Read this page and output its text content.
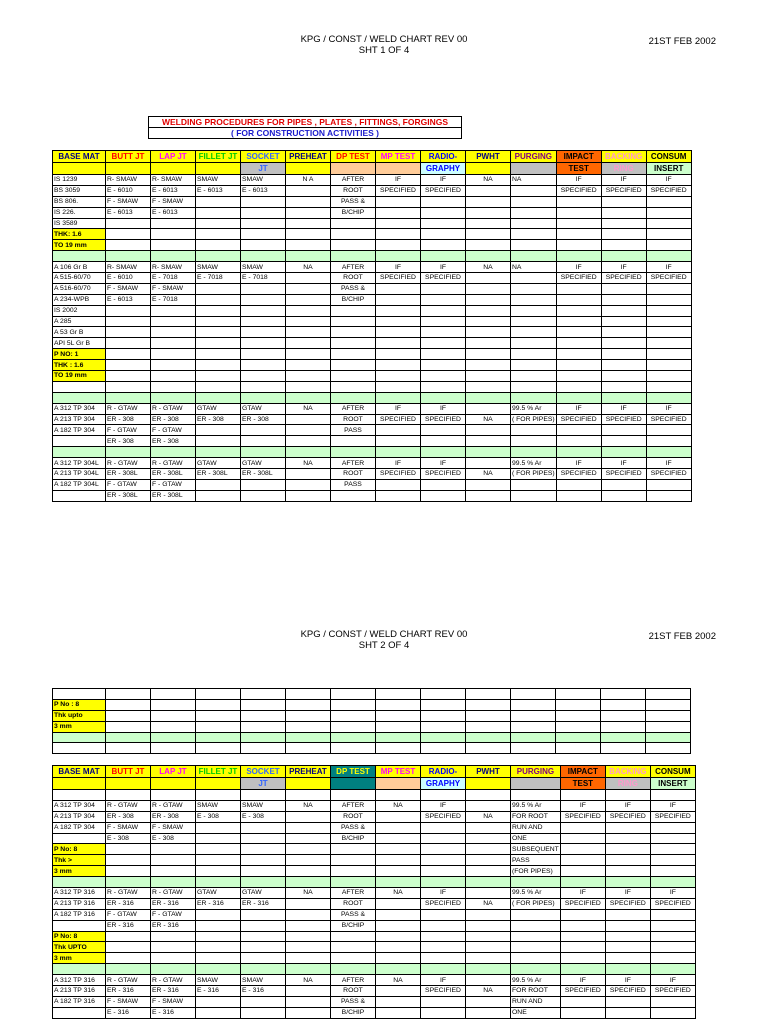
KPG / CONST / WELD CHART REV 00
SHT 1 OF 4
21ST FEB 2002
WELDING PROCEDURES FOR PIPES , PLATES , FITTINGS, FORGINGS
( FOR CONSTRUCTION ACTIVITIES )
BASE MAT	BUTT JT	LAP JT	FILLET JT	SOCKET	PREHEAT	DP TEST	MP TEST	RADIO-	PWHT	PURGING	IMPACT	BACKING	CONSUM
				JT				GRAPHY			TEST	RING	INSERT
IS 1239	R- SMAW	R- SMAW	SMAW	SMAW	N A	AFTER	IF	IF	NA	NA	IF	IF	IF
BS 3059	E - 6010	E - 6013	E - 6013	E - 6013		ROOT	SPECIFIED	SPECIFIED			SPECIFIED	SPECIFIED	SPECIFIED
BS 806.	F - SMAW	F - SMAW				PASS &							
IS 226.	E - 6013	E - 6013				B/CHIP							
IS 3589													
THK: 1.6													
TO 19 mm													

A 106 Gr B	R- SMAW	R- SMAW	SMAW	SMAW	NA	AFTER	IF	IF	NA	NA	IF	IF	IF
A 515-60/70	E - 6010	E - 7018	E - 7018	E - 7018		ROOT	SPECIFIED	SPECIFIED			SPECIFIED	SPECIFIED	SPECIFIED
A 516-60/70	F - SMAW	F - SMAW				PASS &							
A 234-WPB	E - 6013	E - 7018				B/CHIP							
IS 2002													
A 285													
A 53 Gr B													
API 5L Gr B													
P NO: 1													
THK : 1.6													
TO 19 mm													

A 312 TP 304	R - GTAW	R - GTAW	GTAW	GTAW	NA	AFTER	IF	IF		99.5 % Ar	IF	IF	IF
A 213 TP 304	ER - 308	ER - 308	ER - 308	ER - 308		ROOT	SPECIFIED	SPECIFIED	NA	( FOR PIPES)	SPECIFIED	SPECIFIED	SPECIFIED
A 182 TP 304	F - GTAW	F - GTAW				PASS							
	ER - 308	ER - 308											

A 312 TP 304L	R - GTAW	R - GTAW	GTAW	GTAW	NA	AFTER	IF	IF		99.5 % Ar	IF	IF	IF
A 213 TP 304L	ER - 308L	ER - 308L	ER - 308L	ER - 308L		ROOT	SPECIFIED	SPECIFIED	NA	( FOR PIPES)	SPECIFIED	SPECIFIED	SPECIFIED
A 182 TP 304L	F - GTAW	F - GTAW				PASS							
	ER - 308L	ER - 308L											
KPG / CONST / WELD CHART REV 00
SHT 2 OF 4
21ST FEB 2002

P No : 8													
Thk upto													
3 mm													

BASE MAT	BUTT JT	LAP JT	FILLET JT	SOCKET	PREHEAT	DP TEST	MP TEST	RADIO-	PWHT	PURGING	IMPACT	BACKING	CONSUM
				JT				GRAPHY			TEST	RING	INSERT

A 312 TP 304	R - GTAW	R - GTAW	SMAW	SMAW	NA	AFTER	NA	IF		99.5 % Ar	IF	IF	IF
A 213 TP 304	ER - 308	ER - 308	E - 308	E - 308		ROOT		SPECIFIED	NA	FOR ROOT	SPECIFIED	SPECIFIED	SPECIFIED
A 182 TP 304	F - SMAW	F - SMAW				PASS &				RUN AND			
	E - 308	E - 308				B/CHIP				ONE			
P No: 8										SUBSEQUENT			
Thk >										PASS			
3 mm										(FOR PIPES)			

A 312 TP 316	R - GTAW	R - GTAW	GTAW	GTAW	NA	AFTER	NA	IF		99.5 % Ar	IF	IF	IF
A 213 TP 316	ER - 316	ER - 316	ER - 316	ER - 316		ROOT		SPECIFIED	NA	( FOR PIPES)	SPECIFIED	SPECIFIED	SPECIFIED
A 182 TP 316	F - GTAW	F - GTAW				PASS &							
	ER - 316	ER - 316				B/CHIP							
P No: 8													
Thk UPTO													
3 mm													

A 312 TP 316	R - GTAW	R - GTAW	SMAW	SMAW	NA	AFTER	NA	IF		99.5 % Ar	IF	IF	IF
A 213 TP 316	ER - 316	ER - 316	E - 316	E - 316		ROOT		SPECIFIED	NA	FOR ROOT	SPECIFIED	SPECIFIED	SPECIFIED
A 182 TP 316	F - SMAW	F - SMAW				PASS &				RUN AND			
	E - 316	E - 316				B/CHIP				ONE			
